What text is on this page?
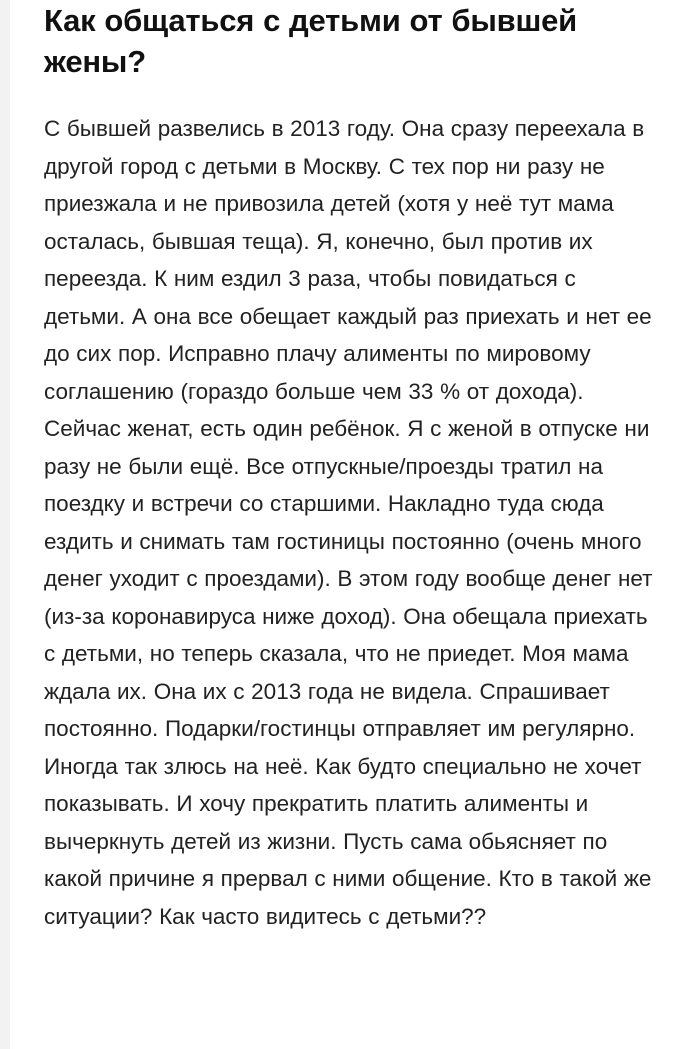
Как общаться с детьми от бывшей жены?

С бывшей развелись в 2013 году. Она сразу переехала в другой город с детьми в Москву. С тех пор ни разу не приезжала и не привозила детей (хотя у неё тут мама осталась, бывшая теща). Я, конечно, был против их переезда. К ним ездил 3 раза, чтобы повидаться с детьми. А она все обещает каждый раз приехать и нет ее до сих пор. Исправно плачу алименты по мировому соглашению (гораздо больше чем 33 % от дохода). Сейчас женат, есть один ребёнок. Я с женой в отпуске ни разу не были ещё. Все отпускные/проезды тратил на поездку и встречи со старшими. Накладно туда сюда ездить и снимать там гостиницы постоянно (очень много денег уходит с проездами). В этом году вообще денег нет (из-за коронавируса ниже доход). Она обещала приехать с детьми, но теперь сказала, что не приедет. Моя мама ждала их. Она их с 2013 года не видела. Спрашивает постоянно. Подарки/гостинцы отправляет им регулярно. Иногда так злюсь на неё. Как будто специально не хочет показывать. И хочу прекратить платить алименты и вычеркнуть детей из жизни. Пусть сама обьясняет по какой причине я прервал с ними общение. Кто в такой же ситуации? Как часто видитесь с детьми??
